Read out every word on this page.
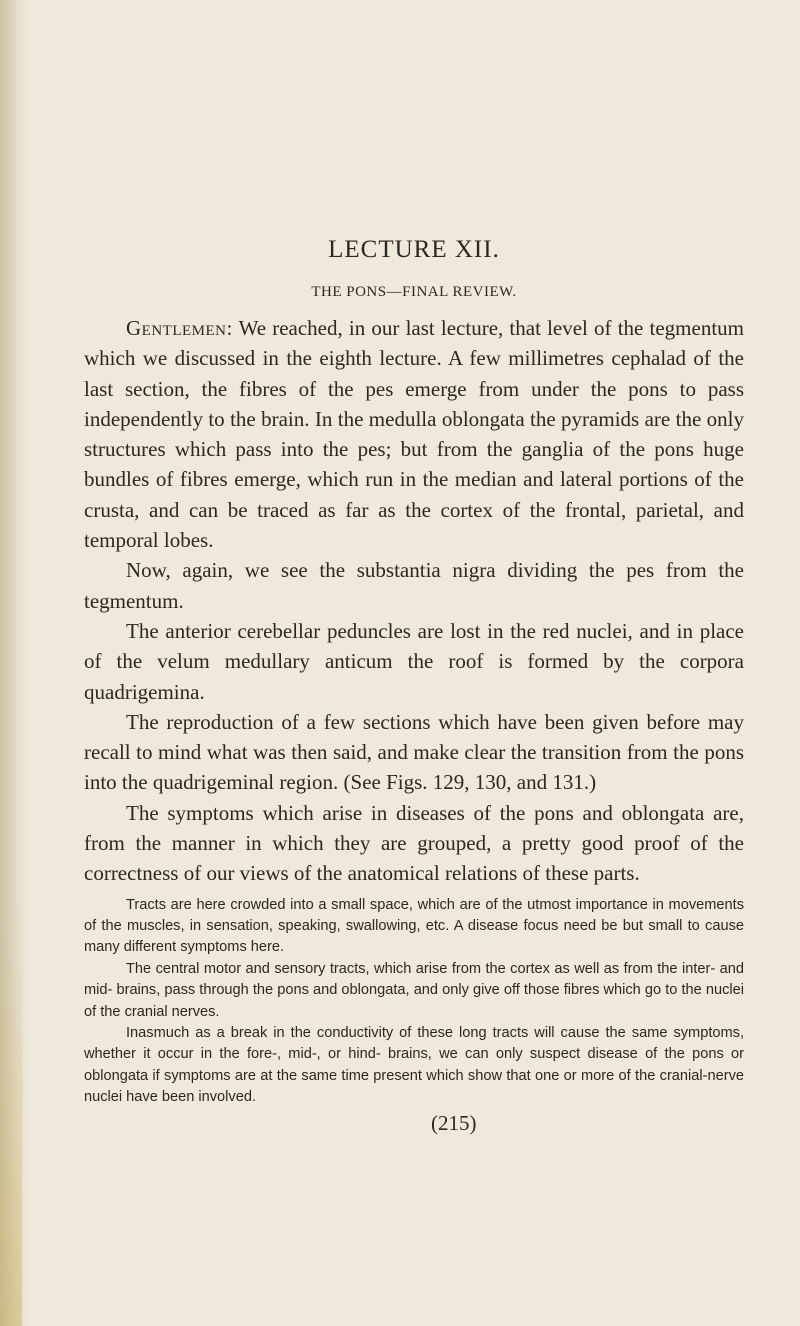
LECTURE XII.
THE PONS—FINAL REVIEW.

Gentlemen: We reached, in our last lecture, that level of the tegmentum which we discussed in the eighth lecture. A few millimetres cephalad of the last section, the fibres of the pes emerge from under the pons to pass independently to the brain. In the medulla oblongata the pyramids are the only structures which pass into the pes; but from the ganglia of the pons huge bundles of fibres emerge, which run in the median and lateral portions of the crusta, and can be traced as far as the cortex of the frontal, parietal, and temporal lobes.

Now, again, we see the substantia nigra dividing the pes from the tegmentum.

The anterior cerebellar peduncles are lost in the red nuclei, and in place of the velum medullary anticum the roof is formed by the corpora quadrigemina.

The reproduction of a few sections which have been given before may recall to mind what was then said, and make clear the transition from the pons into the quadrigeminal region. (See Figs. 129, 130, and 131.)

The symptoms which arise in diseases of the pons and oblongata are, from the manner in which they are grouped, a pretty good proof of the correctness of our views of the anatomical relations of these parts.

Tracts are here crowded into a small space, which are of the utmost importance in movements of the muscles, in sensation, speaking, swallowing, etc. A disease focus need be but small to cause many different symptoms here.

The central motor and sensory tracts, which arise from the cortex as well as from the inter- and mid- brains, pass through the pons and oblongata, and only give off those fibres which go to the nuclei of the cranial nerves.

Inasmuch as a break in the conductivity of these long tracts will cause the same symptoms, whether it occur in the fore-, mid-, or hind- brains, we can only suspect disease of the pons or oblongata if symptoms are at the same time present which show that one or more of the cranial-nerve nuclei have been involved.

(215)
